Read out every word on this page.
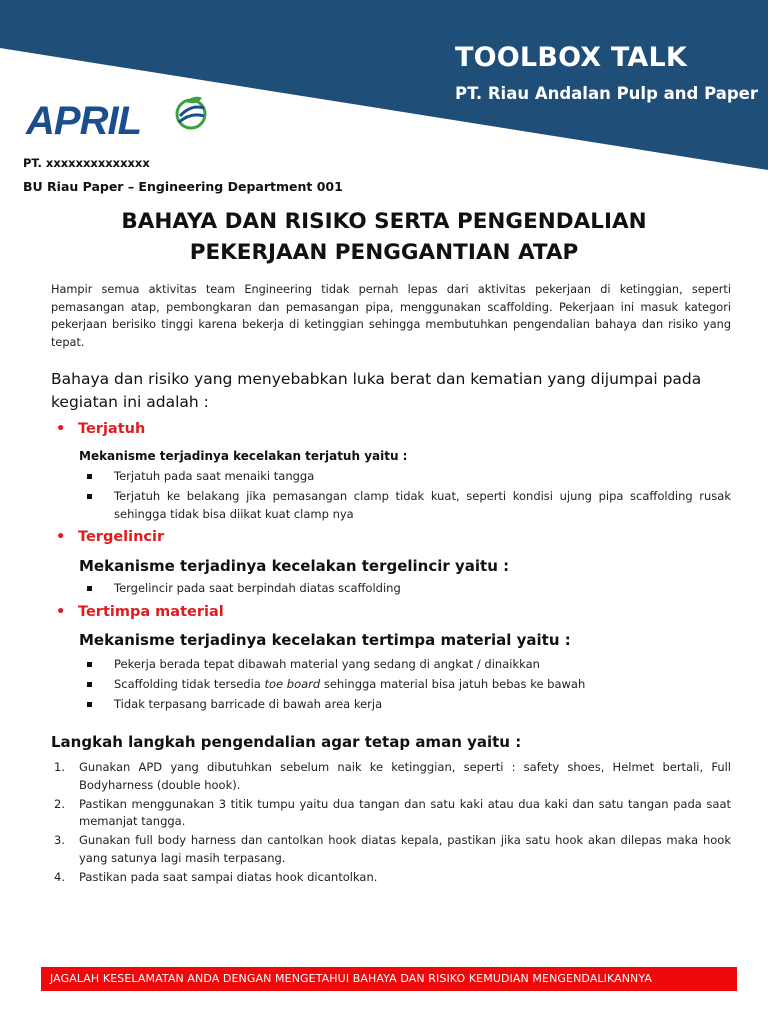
TOOLBOX TALK
PT. Riau Andalan Pulp and Paper
APRIL
PT. xxxxxxxxxxxxxx
BU Riau Paper – Engineering Department 001
BAHAYA DAN RISIKO SERTA PENGENDALIAN
PEKERJAAN PENGGANTIAN ATAP
Hampir semua aktivitas team Engineering tidak pernah lepas dari aktivitas pekerjaan di ketinggian, seperti pemasangan atap, pembongkaran dan pemasangan pipa, menggunakan scaffolding. Pekerjaan ini masuk kategori pekerjaan berisiko tinggi karena bekerja di ketinggian sehingga membutuhkan pengendalian bahaya dan risiko yang tepat.
Bahaya dan risiko yang menyebabkan luka berat dan kematian yang dijumpai pada kegiatan ini adalah :
• Terjatuh
Mekanisme terjadinya kecelakan terjatuh yaitu :
Terjatuh pada saat menaiki tangga
Terjatuh ke belakang jika pemasangan clamp tidak kuat, seperti kondisi ujung pipa scaffolding rusak sehingga tidak bisa diikat kuat clamp nya
• Tergelincir
Mekanisme terjadinya kecelakan tergelincir yaitu :
Tergelincir pada saat berpindah diatas scaffolding
• Tertimpa material
Mekanisme terjadinya kecelakan tertimpa material yaitu :
Pekerja berada tepat dibawah material yang sedang di angkat / dinaikkan
Scaffolding tidak tersedia toe board sehingga material bisa jatuh bebas ke bawah
Tidak terpasang barricade di bawah area kerja
Langkah langkah pengendalian agar tetap aman yaitu :
1. Gunakan APD yang dibutuhkan sebelum naik ke ketinggian, seperti : safety shoes, Helmet bertali, Full Bodyharness (double hook).
2. Pastikan menggunakan 3 titik tumpu yaitu dua tangan dan satu kaki atau dua kaki dan satu tangan pada saat memanjat tangga.
3. Gunakan full body harness dan cantolkan hook diatas kepala, pastikan jika satu hook akan dilepas maka hook yang satunya lagi masih terpasang.
4. Pastikan pada saat sampai diatas hook dicantolkan.
JAGALAH KESELAMATAN ANDA DENGAN MENGETAHUI BAHAYA DAN RISIKO KEMUDIAN MENGENDALIKANNYA
